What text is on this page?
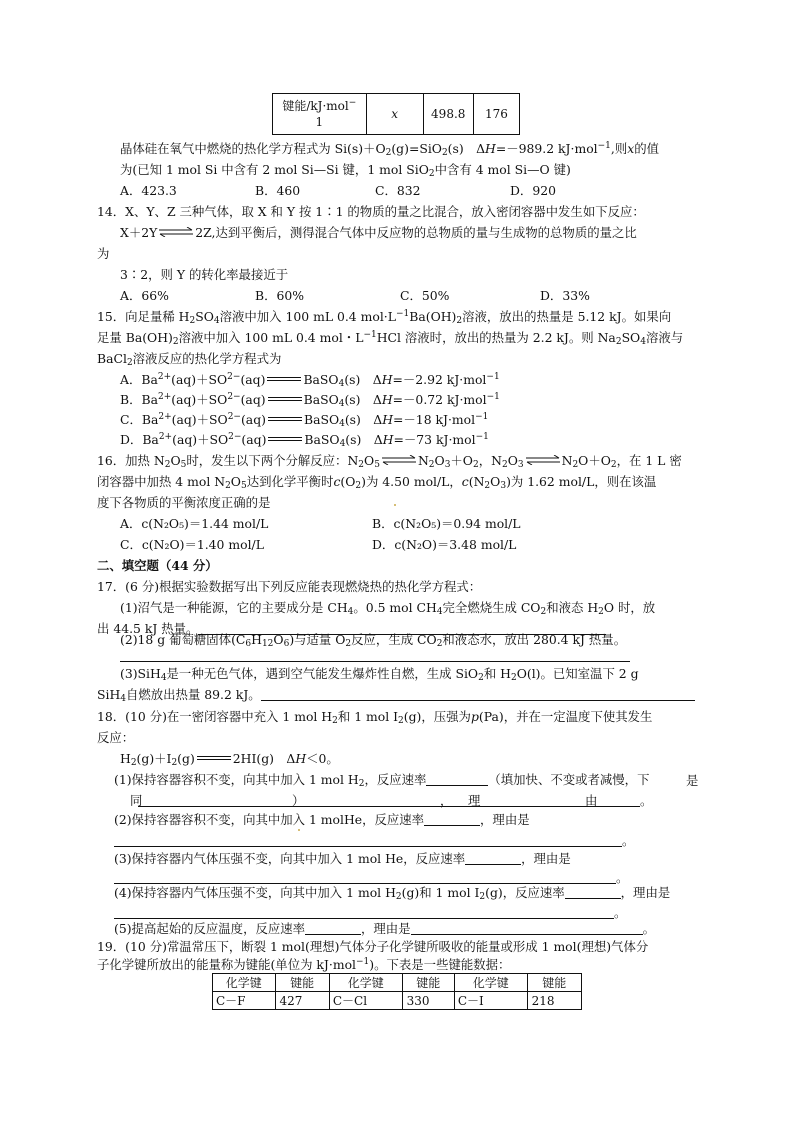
键能/kJ·mol−
1	x	498.8	176
晶体硅在氧气中燃烧的热化学方程式为 $Si(s)+O_2(g)=SiO_2(s)$　ΔH=－989.2 kJ·mol$^{-1}$,则x的值
为(已知 1 mol Si 中含有 2 mol Si—Si 键，1 mol SiO$_2$中含有 4 mol Si—O 键)
A．423.3	B．460	C．832	D．920
14．X、Y、Z 三种气体，取 X 和 Y 按 1∶1 的物质的量之比混合，放入密闭容器中发生如下反应：
X＋2Y⇌2Z,达到平衡后，测得混合气体中反应物的总物质的量与生成物的总物质的量之比
为
3∶2，则 Y 的转化率最接近于
A．66%	B．60%	C．50%	D．33%
15．向足量稀 $H_2SO_4$溶液中加入 100 mL 0.4 $mol\cdot L^{-1}Ba(OH)_2$溶液，放出的热量是 5.12 kJ。如果向
足量 $Ba(OH)_2$溶液中加入 100 mL 0.4 mol・$L^{-1}HCl$ 溶液时，放出的热量为 2.2 kJ。则 $Na_2SO_4$溶液与
BaCl$_2$溶液反应的热化学方程式为
A．$Ba^{2+}(aq)+SO^{2-}(aq)$	BaSO$_4$(s)　ΔH=－2.92 kJ·mol$^{-1}$
B．$Ba^{2+}(aq)+SO^{2-}(aq)$	BaSO$_4$(s)　ΔH=－0.72 kJ·mol$^{-1}$
C．$Ba^{2+}(aq)+SO^{2-}(aq)$	BaSO$_4$(s)　ΔH=－18 kJ·mol$^{-1}$
D．$Ba^{2+}(aq)+SO^{2-}(aq)$	BaSO$_4$(s)　ΔH=－73 kJ·mol$^{-1}$
16．加热 $N_2O_5$时，发生以下两个分解反应：$N_2O_5\rightleftharpoons N_2O_3+O_2$，$N_2O_3\rightleftharpoons N_2O+O_2$，在 1 L 密
闭容器中加热 4 mol $N_2O_5$达到化学平衡时$c(O_2)$为 4.50 mol/L，$c(N_2O_3)$为 1.62 mol/L，则在该温
度下各物质的平衡浓度正确的是
A．c(N₂O₅)＝1.44 mol/L	B．c(N₂O₅)＝0.94 mol/L
C．c(N₂O)＝1.40 mol/L	D．c(N₂O)＝3.48 mol/L
二、填空题（44 分）
17．(6 分)根据实验数据写出下列反应能表现燃烧热的热化学方程式：
(1)沼气是一种能源，它的主要成分是 $CH_4$。0.5 mol $CH_4$完全燃烧生成 $CO_2$和液态 $H_2O$ 时，放
出 44.5 kJ 热量。
(2)18 g 葡萄糖固体$(C_6H_{12}O_6)$与适量 $O_2$反应，生成 $CO_2$和液态水，放出 280.4 kJ 热量。
(3)SiH$_4$是一种无色气体，遇到空气能发生爆炸性自燃，生成 SiO$_2$和 $H_2O(l)$。已知室温下 2 g
SiH$_4$自燃放出热量 89.2 kJ。
18．(10 分)在一密闭容器中充入 1 mol $H_2$和 1 mol $I_2(g)$，压强为p(Pa)，并在一定温度下使其发生
反应：
$H_2(g)+I_2(g)$	2HI(g)　ΔH＜0。
(1)保持容器容积不变，向其中加入 1 mol $H_2$，反应速率	（填加快、不变或者减慢，下
同	）	， 理	由
是
。
(2)保持容器容积不变，向其中加入 1 molHe，反应速率	，理由是
。
(3)保持容器内气体压强不变，向其中加入 1 mol He，反应速率	，理由是
。
(4)保持容器内气体压强不变，向其中加入 1 mol $H_2(g)$和 1 mol $I_2(g)$，反应速率	，理由是
。
(5)提高起始的反应温度，反应速率	，理由是	。
19．(10 分)常温常压下，断裂 1 mol(理想)气体分子化学键所吸收的能量或形成 1 mol(理想)气体分
子化学键所放出的能量称为键能(单位为 kJ·mol$^{-1}$)。下表是一些键能数据：
化学键	键能	化学键	键能	化学键	键能
C－F	427	C－Cl	330	C－I	218
